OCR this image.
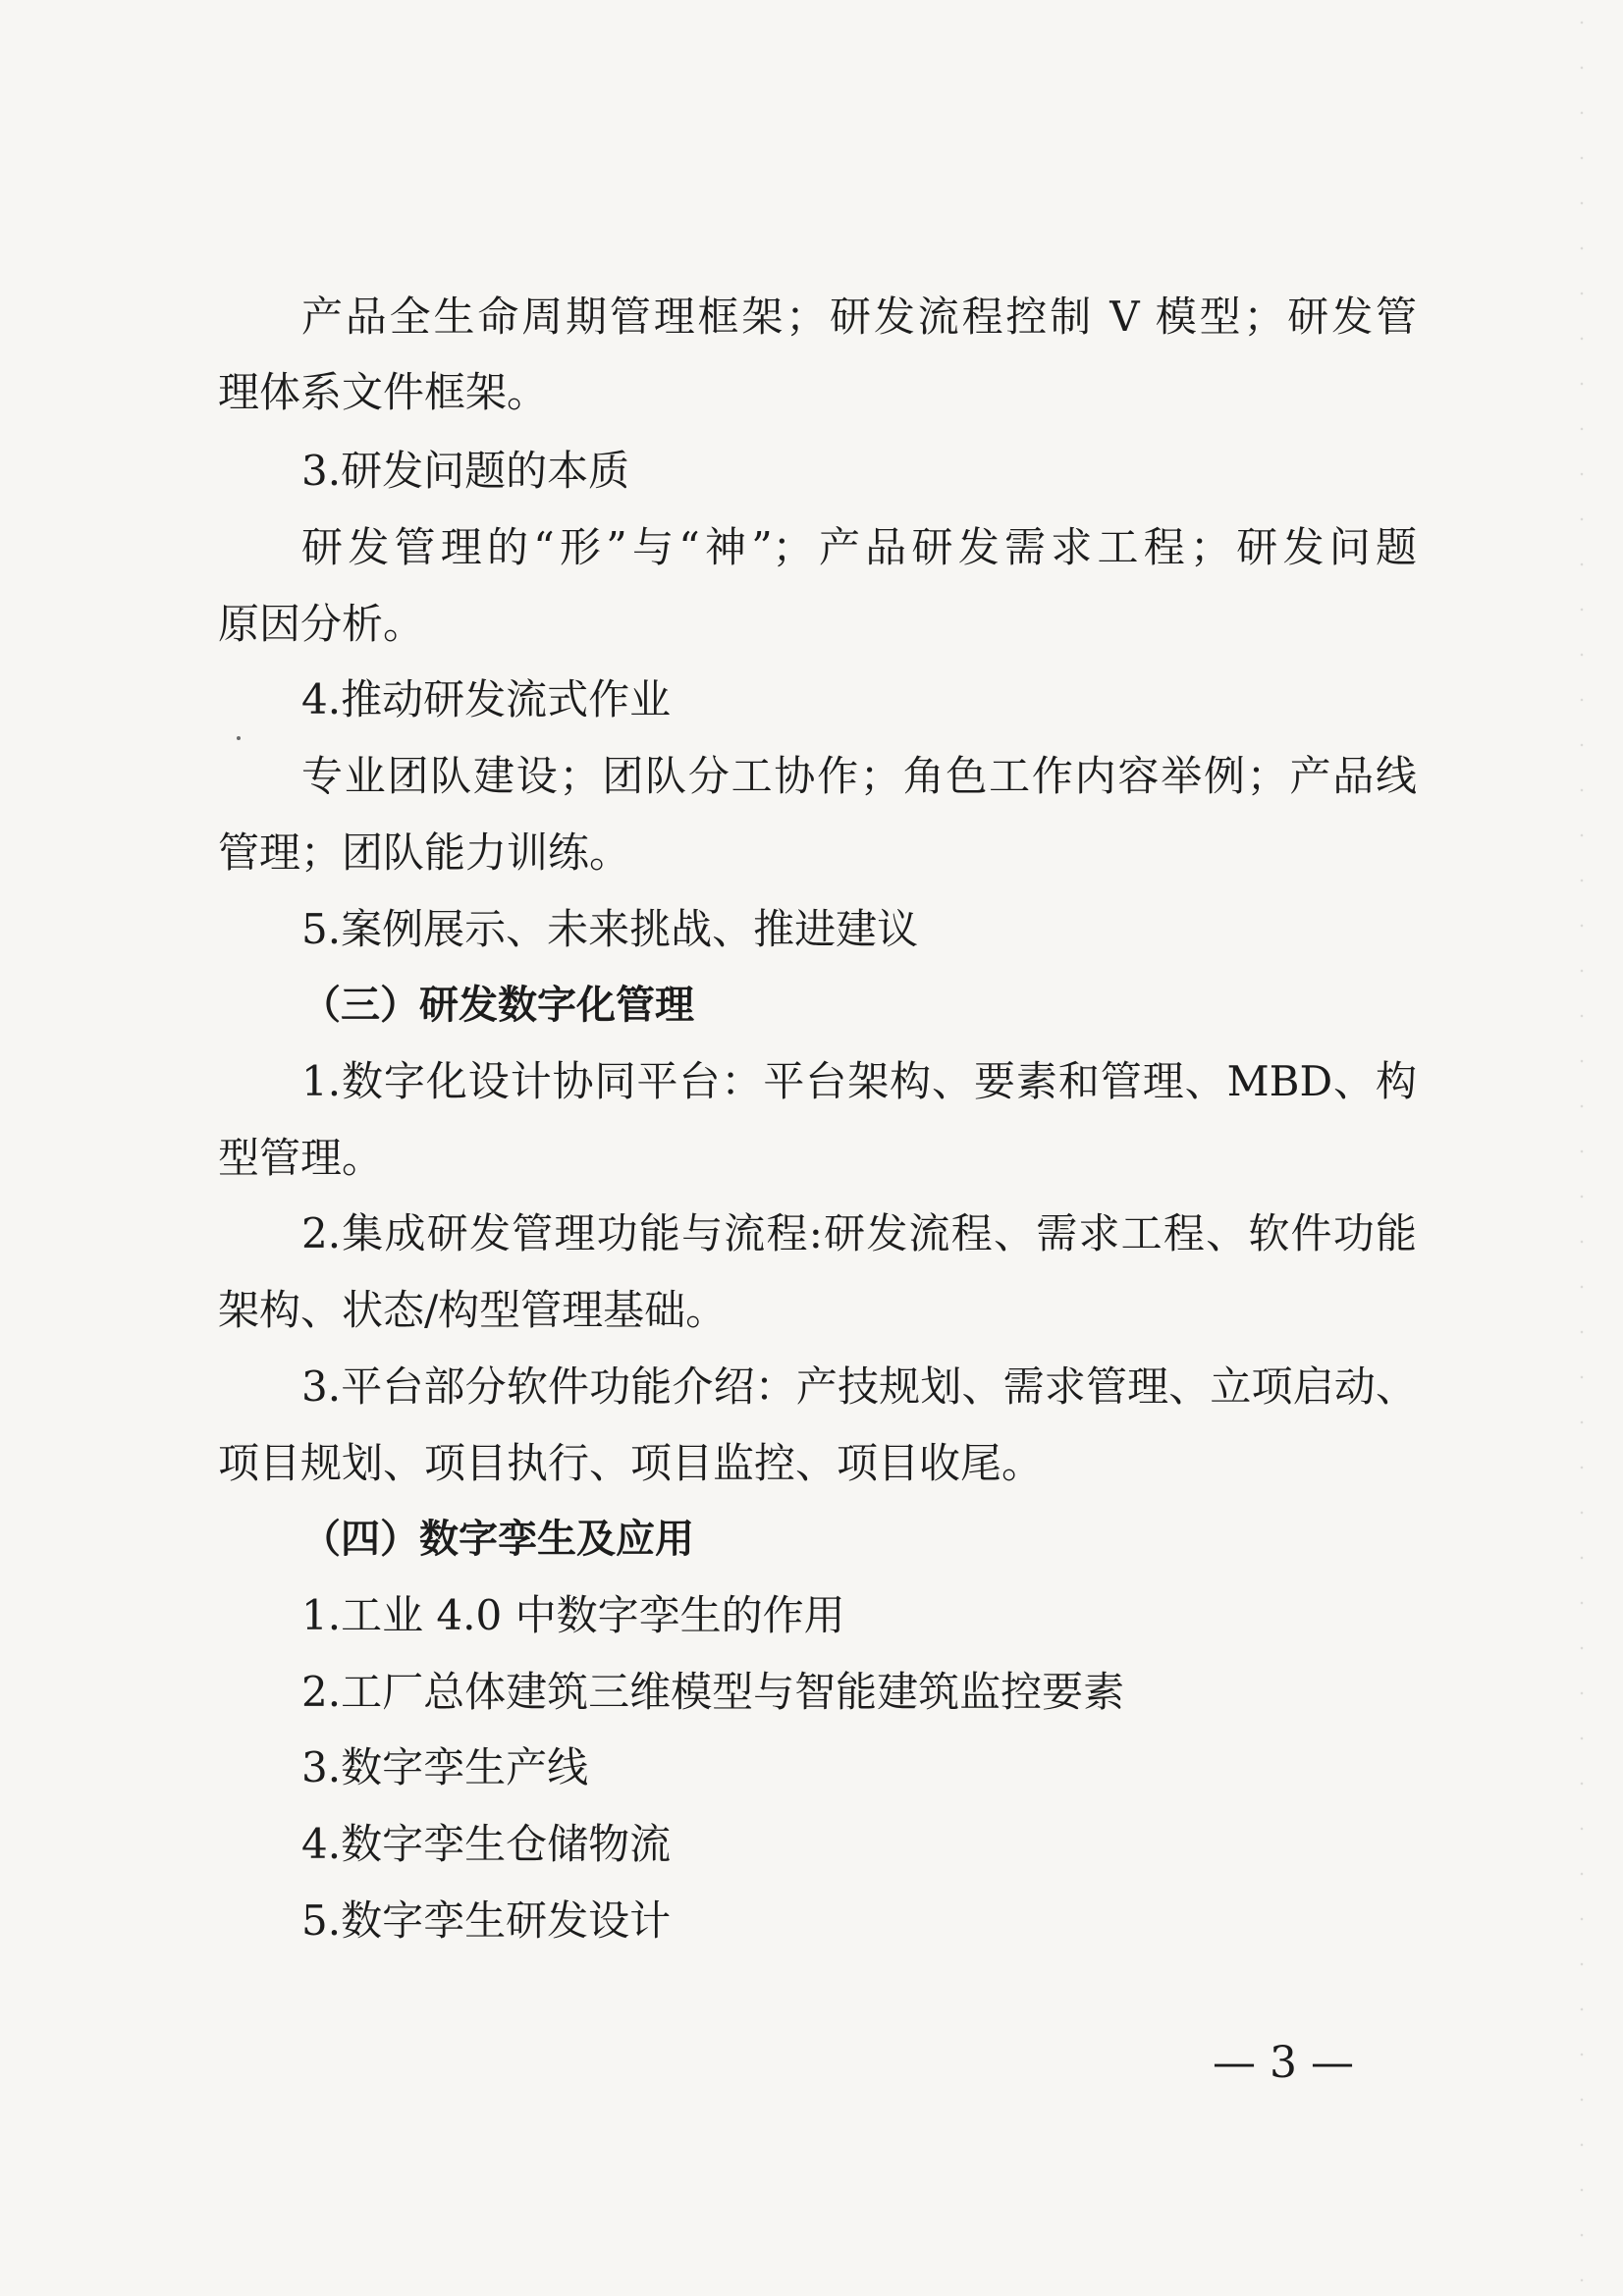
产品全生命周期管理框架；研发流程控制 V 模型；研发管

理体系文件框架。

3.研发问题的本质

研发管理的“形”与“神”；产品研发需求工程；研发问题

原因分析。

4.推动研发流式作业

专业团队建设；团队分工协作；角色工作内容举例；产品线

管理；团队能力训练。

5.案例展示、未来挑战、推进建议

（三）研发数字化管理

1.数字化设计协同平台：平台架构、要素和管理、MBD、构

型管理。

2.集成研发管理功能与流程:研发流程、需求工程、软件功能

架构、状态/构型管理基础。

3.平台部分软件功能介绍：产技规划、需求管理、立项启动、

项目规划、项目执行、项目监控、项目收尾。

（四）数字孪生及应用

1.工业 4.0 中数字孪生的作用

2.工厂总体建筑三维模型与智能建筑监控要素

3.数字孪生产线

4.数字孪生仓储物流

5.数字孪生研发设计

— 3 —
